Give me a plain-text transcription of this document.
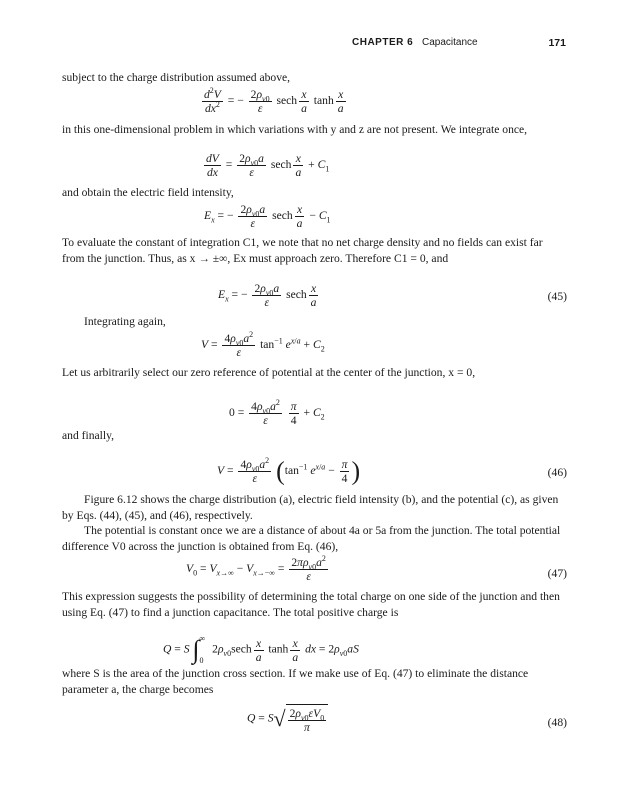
CHAPTER 6 Capacitance	171

subject to the charge distribution assumed above,

$\frac{d^2V}{dx^2}$ = − $\frac{2\rho_{\nu 0}}{\varepsilon}$ sech $\frac{x}{a}$ $\tanh \frac{x}{a}$

in this one-dimensional problem in which variations with y and z are not present. We integrate once,

$\frac{dV}{dx} = \frac{2\rho_{\nu 0}a}{\varepsilon}$ sech $\frac{x}{a} + C_1$

and obtain the electric field intensity,

$E_x$ = − $\frac{2\rho_{\nu 0}a}{\varepsilon}$ sech $\frac{x}{a} - C_1$

To evaluate the constant of integration C1, we note that no net charge density and no fields can exist far from the junction. Thus, as x → ±∞, Ex must approach zero. Therefore C1 = 0, and

$E_x$ = − $\frac{2\rho_{\nu 0}a}{\varepsilon}$ sech $\frac{x}{a}$	(45)

Integrating again,

$V = \frac{4\rho_{\nu 0}a^2}{\varepsilon} \tan^{-1} e^{x/a} + C_2$

Let us arbitrarily select our zero reference of potential at the center of the junction, x = 0,

$0 = \frac{4\rho_{\nu 0}a^2}{\varepsilon}$
$\frac{\pi}{4} + C_2$

and finally,

$V = \frac{4\rho_{\nu 0}a^2}{\varepsilon} (\tan^{-1}$ $e^{x/a} - \frac{\pi}{4}$ )	(46)

Figure 6.12 shows the charge distribution (a), electric field intensity (b), and the potential (c), as given by Eqs. (44), (45), and (46), respectively.

The potential is constant once we are a distance of about 4a or 5a from the junction. The total potential difference V0 across the junction is obtained from Eq. (46),

$V_0 = V_{x\to\infty} - V_{x\to-\infty} = \frac{2\pi\rho_{\nu 0}a^2}{\varepsilon}$	(47)

This expression suggests the possibility of determining the total charge on one side of the junction and then using Eq. (47) to find a junction capacitance. The total positive charge is

Q = S ∫∞
0 $2\rho_{\nu 0}\sec h \frac{x}{a}$ $\tanh \frac{x}{a}$ dx = $2\rho_{\nu 0}aS$

where S is the area of the junction cross section. If we make use of Eq. (47) to eliminate the distance parameter a, the charge becomes

$Q = S√ \frac{2\rho_{\nu 0}\varepsilon V_0}{\pi}$	(48)
